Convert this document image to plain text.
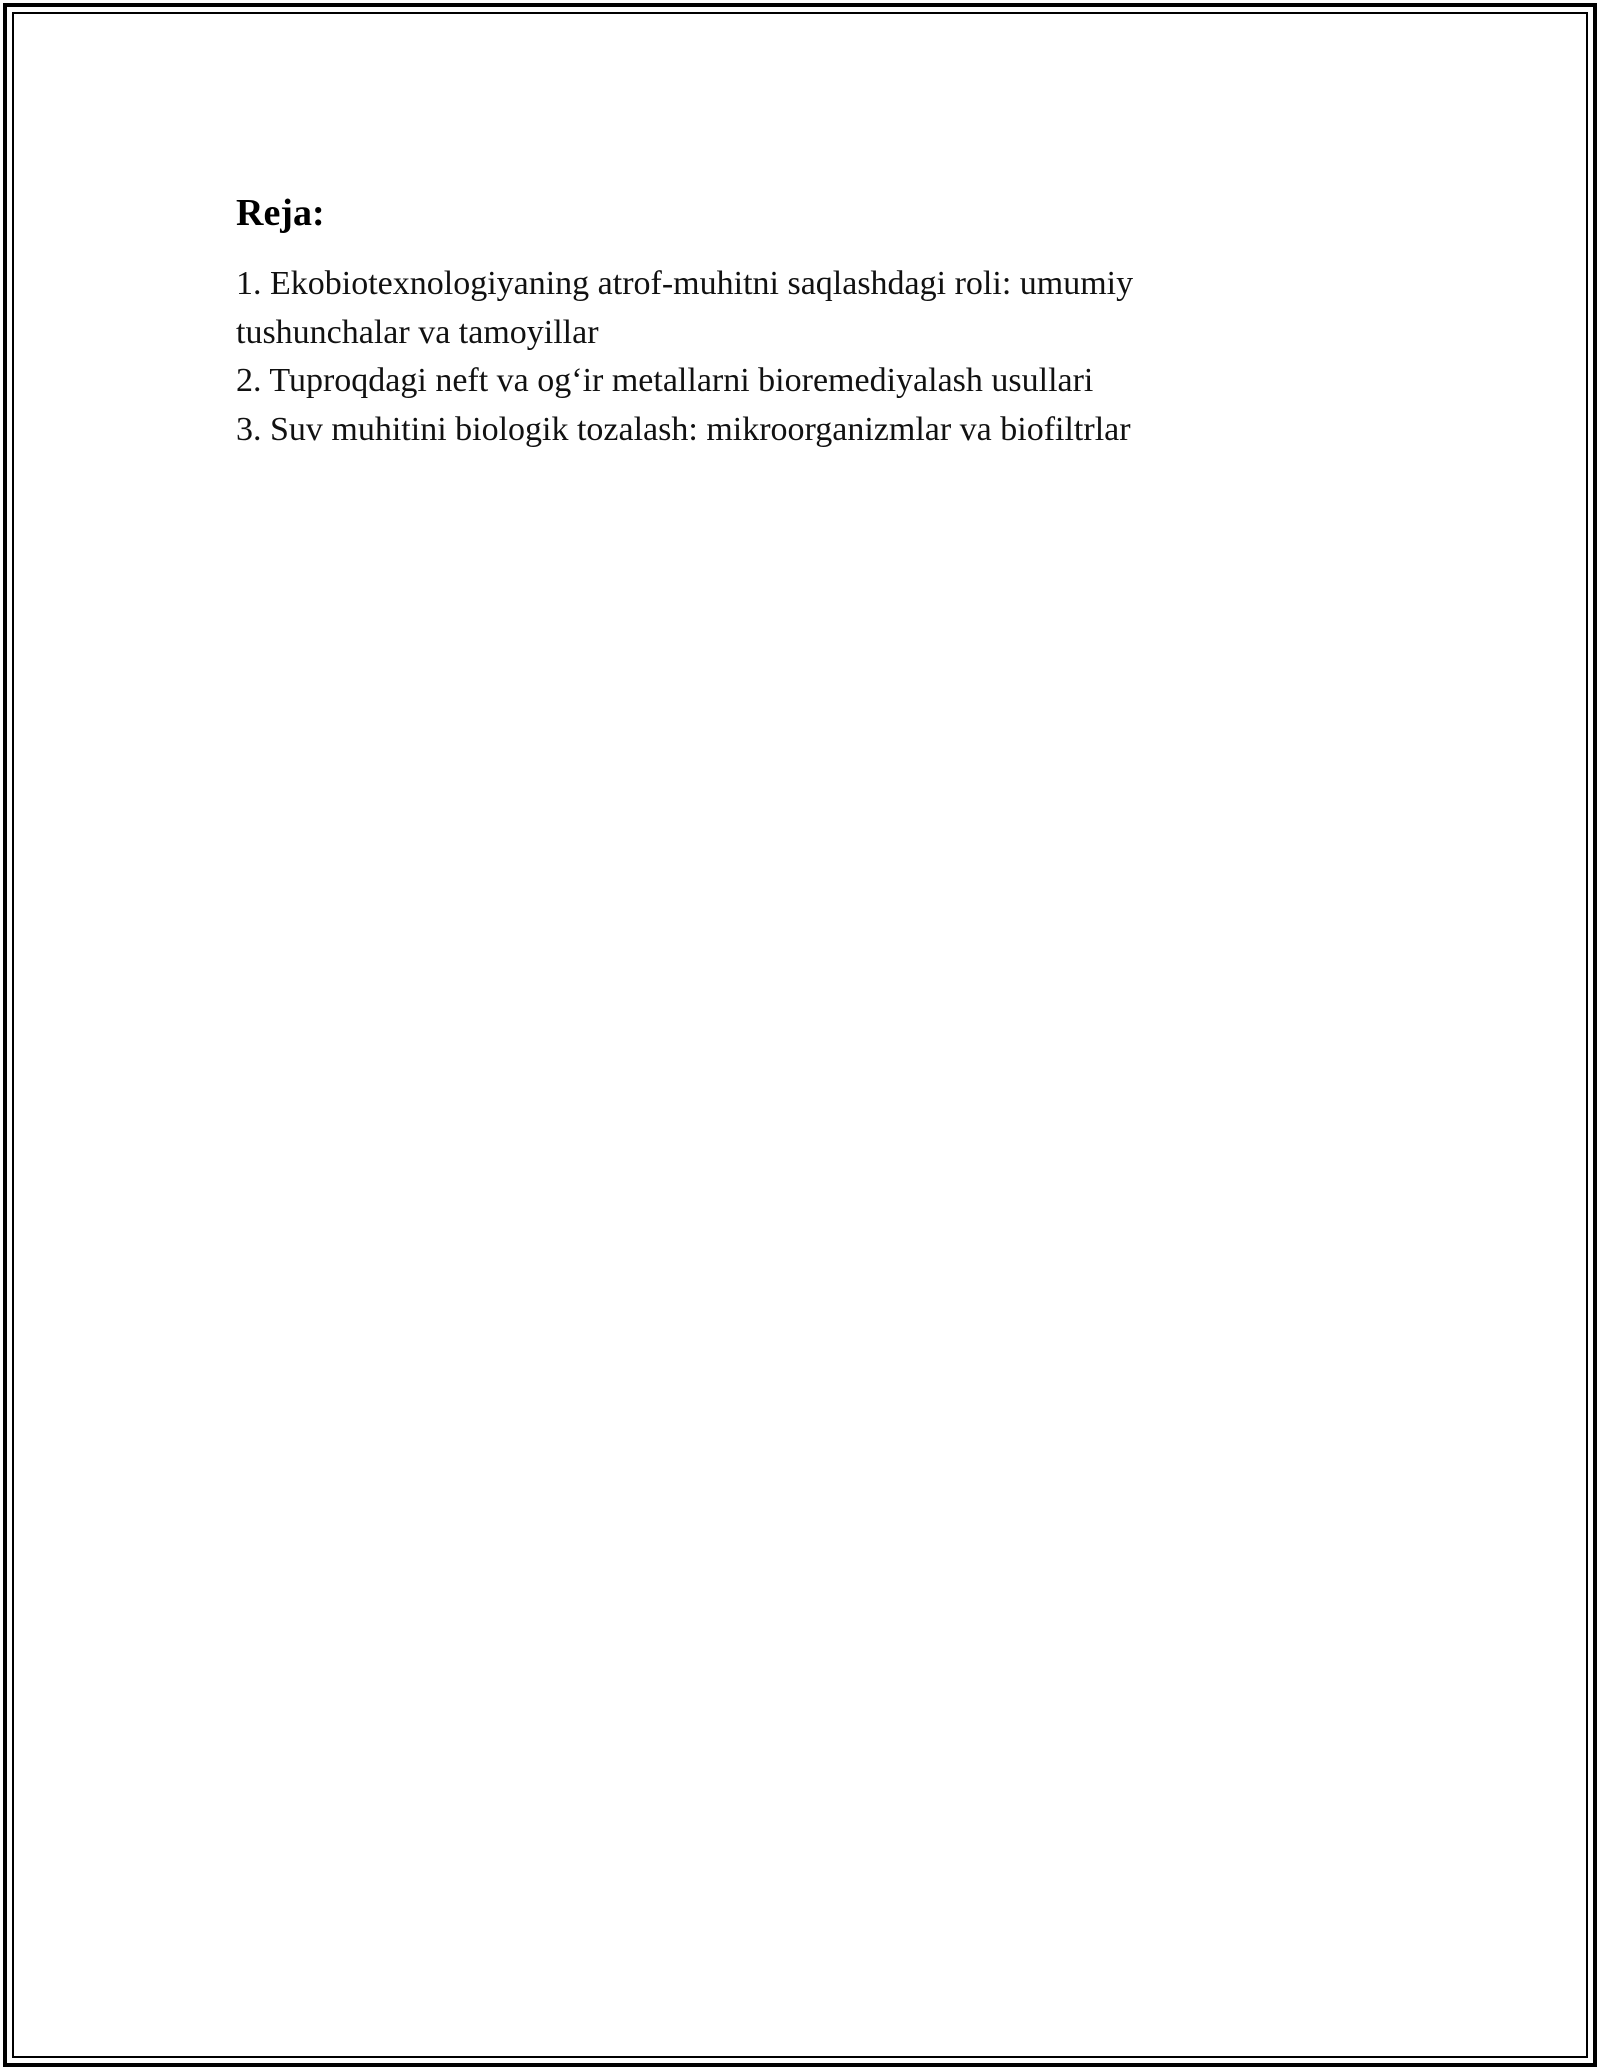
Reja:
1. Ekobiotexnologiyaning atrof-muhitni saqlashdagi roli: umumiy tushunchalar va tamoyillar
2. Tuproqdagi neft va og‘ir metallarni bioremediyalash usullari
3. Suv muhitini biologik tozalash: mikroorganizmlar va biofiltrlar
